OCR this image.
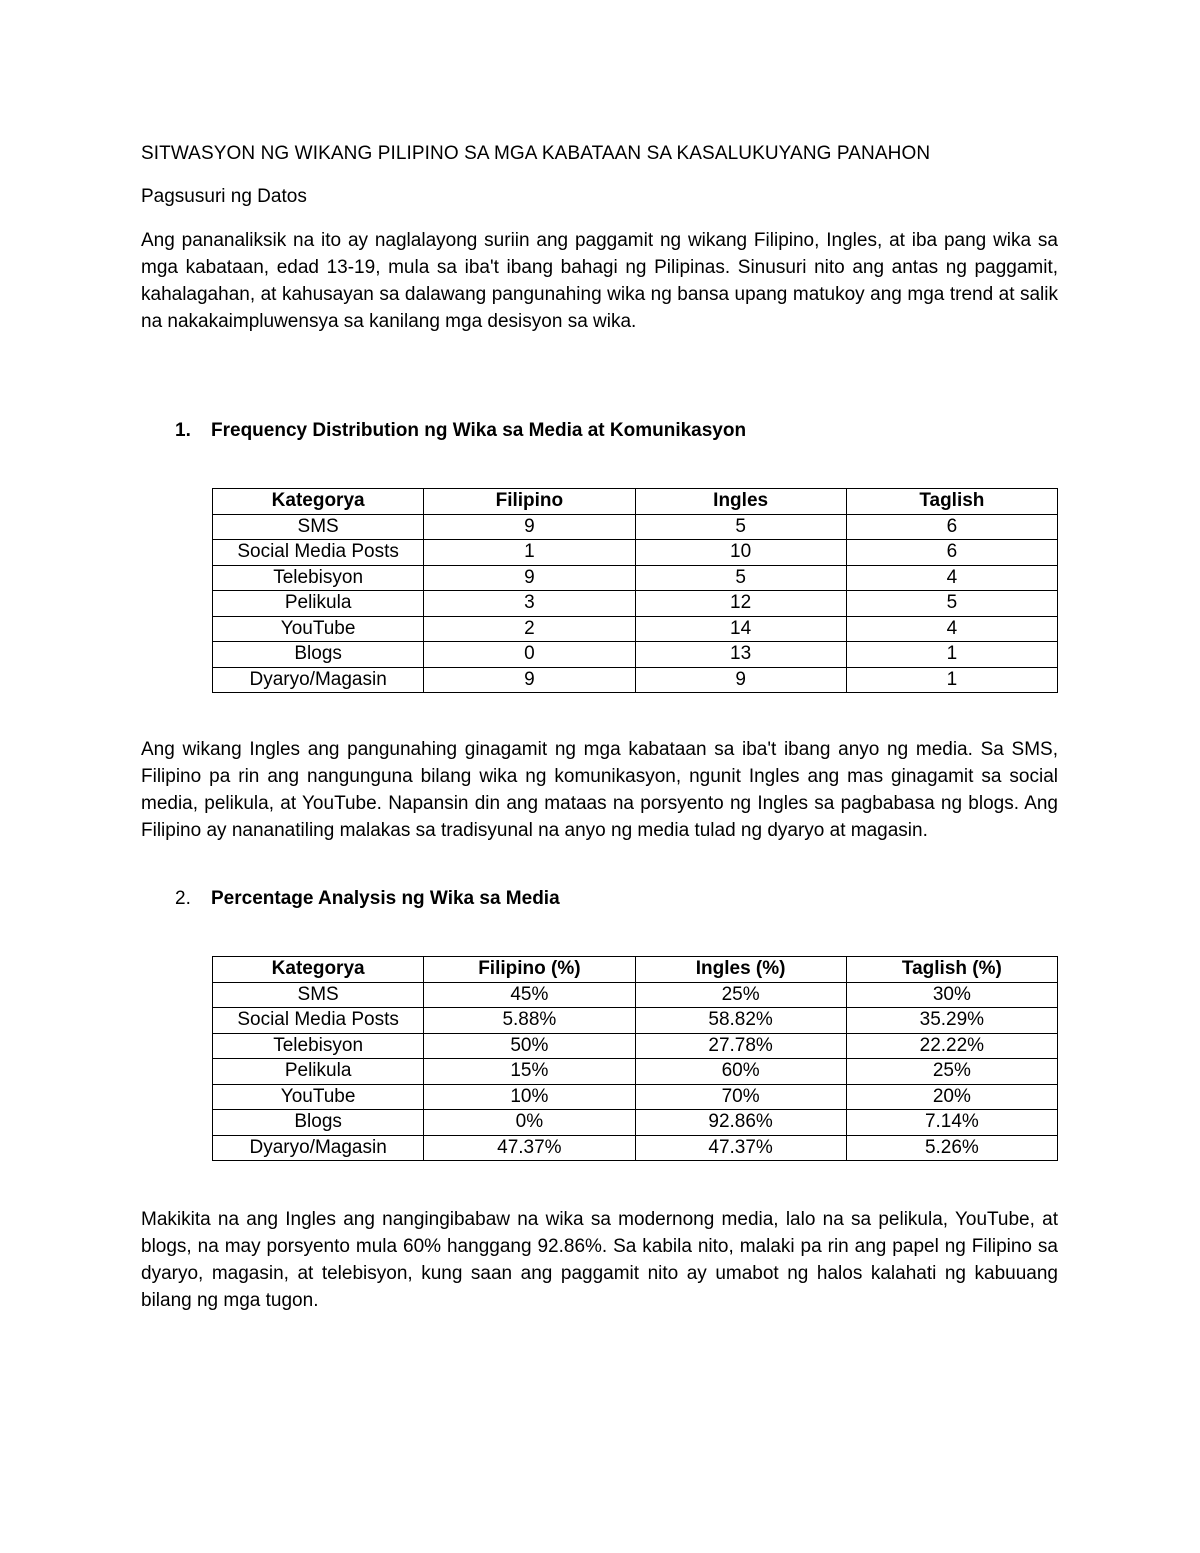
SITWASYON NG WIKANG PILIPINO SA MGA KABATAAN SA KASALUKUYANG PANAHON
Pagsusuri ng Datos

Ang pananaliksik na ito ay naglalayong suriin ang paggamit ng wikang Filipino, Ingles, at iba pang wika sa mga kabataan, edad 13-19, mula sa iba't ibang bahagi ng Pilipinas. Sinusuri nito ang antas ng paggamit, kahalagahan, at kahusayan sa dalawang pangunahing wika ng bansa upang matukoy ang mga trend at salik na nakakaimpluwensya sa kanilang mga desisyon sa wika.

1. Frequency Distribution ng Wika sa Media at Komunikasyon
Kategorya	Filipino	Ingles	Taglish
SMS	9	5	6
Social Media Posts	1	10	6
Telebisyon	9	5	4
Pelikula	3	12	5
YouTube	2	14	4
Blogs	0	13	1
Dyaryo/Magasin	9	9	1

Ang wikang Ingles ang pangunahing ginagamit ng mga kabataan sa iba't ibang anyo ng media. Sa SMS, Filipino pa rin ang nangunguna bilang wika ng komunikasyon, ngunit Ingles ang mas ginagamit sa social media, pelikula, at YouTube. Napansin din ang mataas na porsyento ng Ingles sa pagbabasa ng blogs. Ang Filipino ay nananatiling malakas sa tradisyunal na anyo ng media tulad ng dyaryo at magasin.

2. Percentage Analysis ng Wika sa Media
Kategorya	Filipino (%)	Ingles (%)	Taglish (%)
SMS	45%	25%	30%
Social Media Posts	5.88%	58.82%	35.29%
Telebisyon	50%	27.78%	22.22%
Pelikula	15%	60%	25%
YouTube	10%	70%	20%
Blogs	0%	92.86%	7.14%
Dyaryo/Magasin	47.37%	47.37%	5.26%

Makikita na ang Ingles ang nangingibabaw na wika sa modernong media, lalo na sa pelikula, YouTube, at blogs, na may porsyento mula 60% hanggang 92.86%. Sa kabila nito, malaki pa rin ang papel ng Filipino sa dyaryo, magasin, at telebisyon, kung saan ang paggamit nito ay umabot ng halos kalahati ng kabuuang bilang ng mga tugon.
